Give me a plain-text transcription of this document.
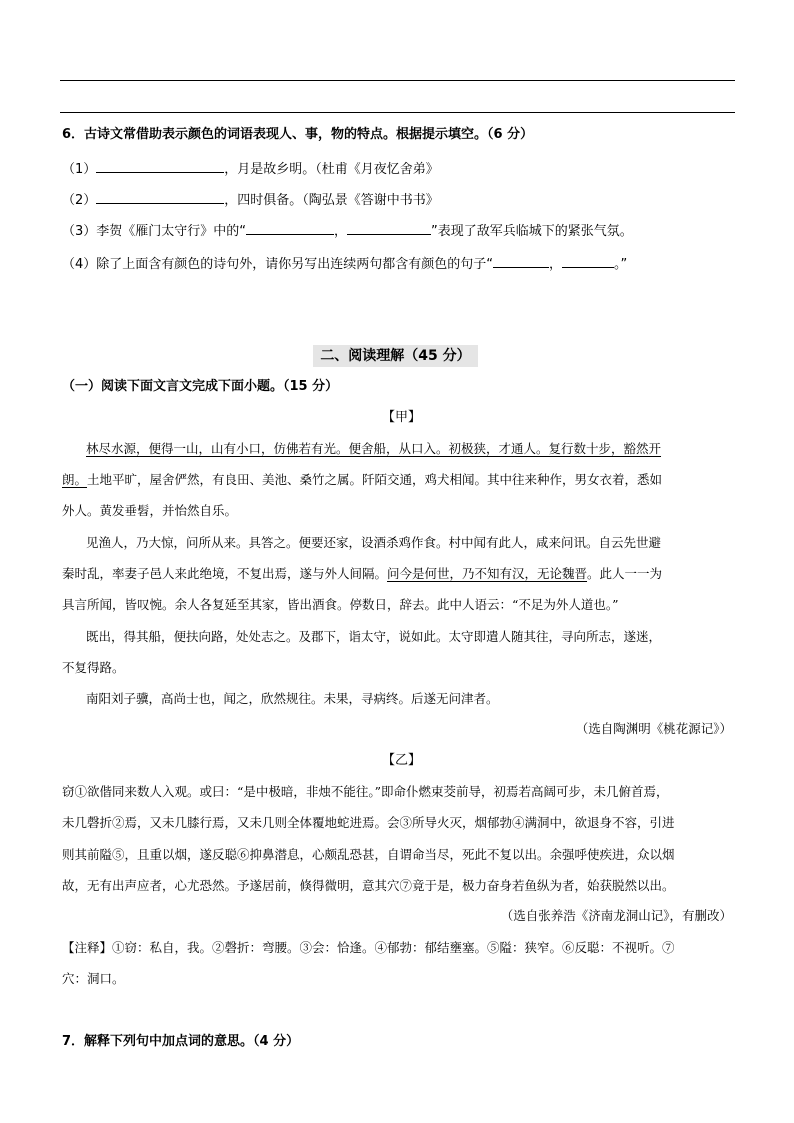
6．古诗文常借助表示颜色的词语表现人、事，物的特点。根据提示填空。（6 分）
（1）	，月是故乡明。（杜甫《月夜忆舍弟》
（2）	，四时俱备。（陶弘景《答谢中书书》
（3）李贺《雁门太守行》中的“	，	”表现了敌军兵临城下的紧张气氛。
（4）除了上面含有颜色的诗句外，请你另写出连续两句都含有颜色的句子“	，	。”
二、阅读理解（45 分）
（一）阅读下面文言文完成下面小题。（15 分）
【甲】
林尽水源，便得一山，山有小口，仿佛若有光。便舍船，从口入。初极狭，才通人。复行数十步，豁然开
朗。土地平旷，屋舍俨然，有良田、美池、桑竹之属。阡陌交通，鸡犬相闻。其中往来种作，男女衣着，悉如
外人。黄发垂髫，并怡然自乐。
见渔人，乃大惊，问所从来。具答之。便要还家，设酒杀鸡作食。村中闻有此人，咸来问讯。自云先世避
秦时乱，率妻子邑人来此绝境，不复出焉，遂与外人间隔。问今是何世，乃不知有汉，无论魏晋。此人一一为
具言所闻，皆叹惋。余人各复延至其家，皆出酒食。停数日，辞去。此中人语云：“不足为外人道也。”
既出，得其船，便扶向路，处处志之。及郡下，诣太守，说如此。太守即遣人随其往，寻向所志，遂迷，
不复得路。
南阳刘子骥，高尚士也，闻之，欣然规往。未果，寻病终。后遂无问津者。
（选自陶渊明《桃花源记》）
【乙】
窃①欲偕同来数人入观。或曰：“是中极暗，非烛不能往。”即命仆燃束茭前导，初焉若高阔可步，未几俯首焉，
未几磬折②焉，又未几膝行焉，又未几则全体覆地蛇进焉。会③所导火灭，烟郁勃④满洞中，欲退身不容，引进
则其前隘⑤，且重以烟，遂反聪⑥抑鼻潜息，心颇乱恐甚，自谓命当尽，死此不复以出。余强呼使疾进，众以烟
故，无有出声应者，心尤恐然。予遂居前，倏得微明，意其穴⑦竟于是，极力奋身若鱼纵为者，始获脱然以出。
（选自张养浩《济南龙洞山记》，有删改）
【注释】①窃：私自，我。②磬折：弯腰。③会：恰逢。④郁勃：郁结壅塞。⑤隘：狭窄。⑥反聪：不视听。⑦
穴：洞口。
7．解释下列句中加点词的意思。（4 分）
